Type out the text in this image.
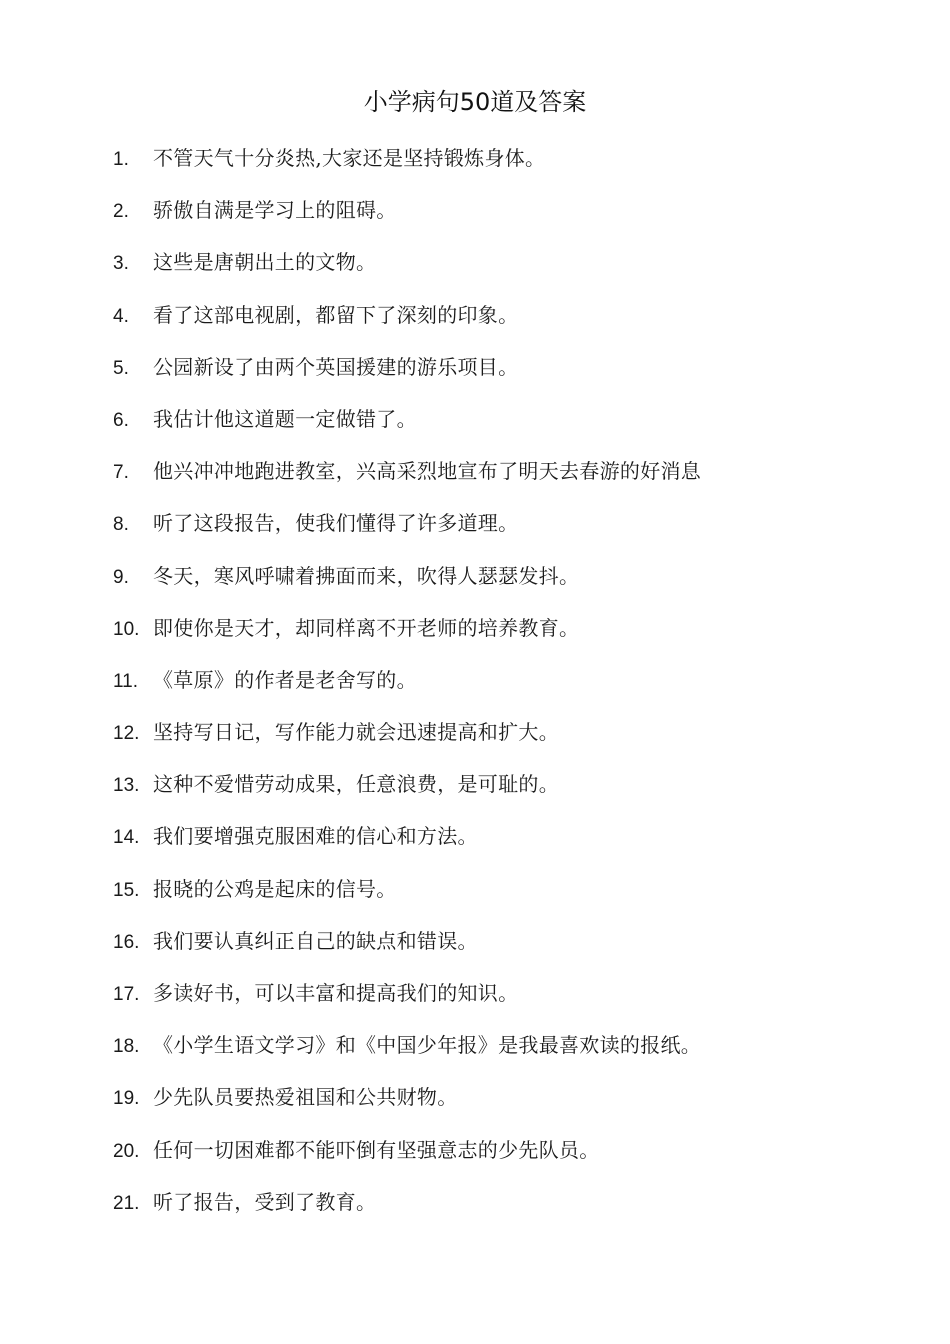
小学病句50道及答案
1.	不管天气十分炎热,大家还是坚持锻炼身体。
2.	骄傲自满是学习上的阻碍。
3.	这些是唐朝出土的文物。
4.	看了这部电视剧，都留下了深刻的印象。
5.	公园新设了由两个英国援建的游乐项目。
6.	我估计他这道题一定做错了。
7.	他兴冲冲地跑进教室，兴高采烈地宣布了明天去春游的好消息
8.	听了这段报告，使我们懂得了许多道理。
9.	冬天，寒风呼啸着拂面而来，吹得人瑟瑟发抖。
10. 即使你是天才，却同样离不开老师的培养教育。
11. 《草原》的作者是老舍写的。
12. 坚持写日记，写作能力就会迅速提高和扩大。
13. 这种不爱惜劳动成果，任意浪费，是可耻的。
14. 我们要增强克服困难的信心和方法。
15. 报晓的公鸡是起床的信号。
16. 我们要认真纠正自己的缺点和错误。
17. 多读好书，可以丰富和提高我们的知识。
18. 《小学生语文学习》和《中国少年报》是我最喜欢读的报纸。
19. 少先队员要热爱祖国和公共财物。
20. 任何一切困难都不能吓倒有坚强意志的少先队员。
21. 听了报告，受到了教育。
